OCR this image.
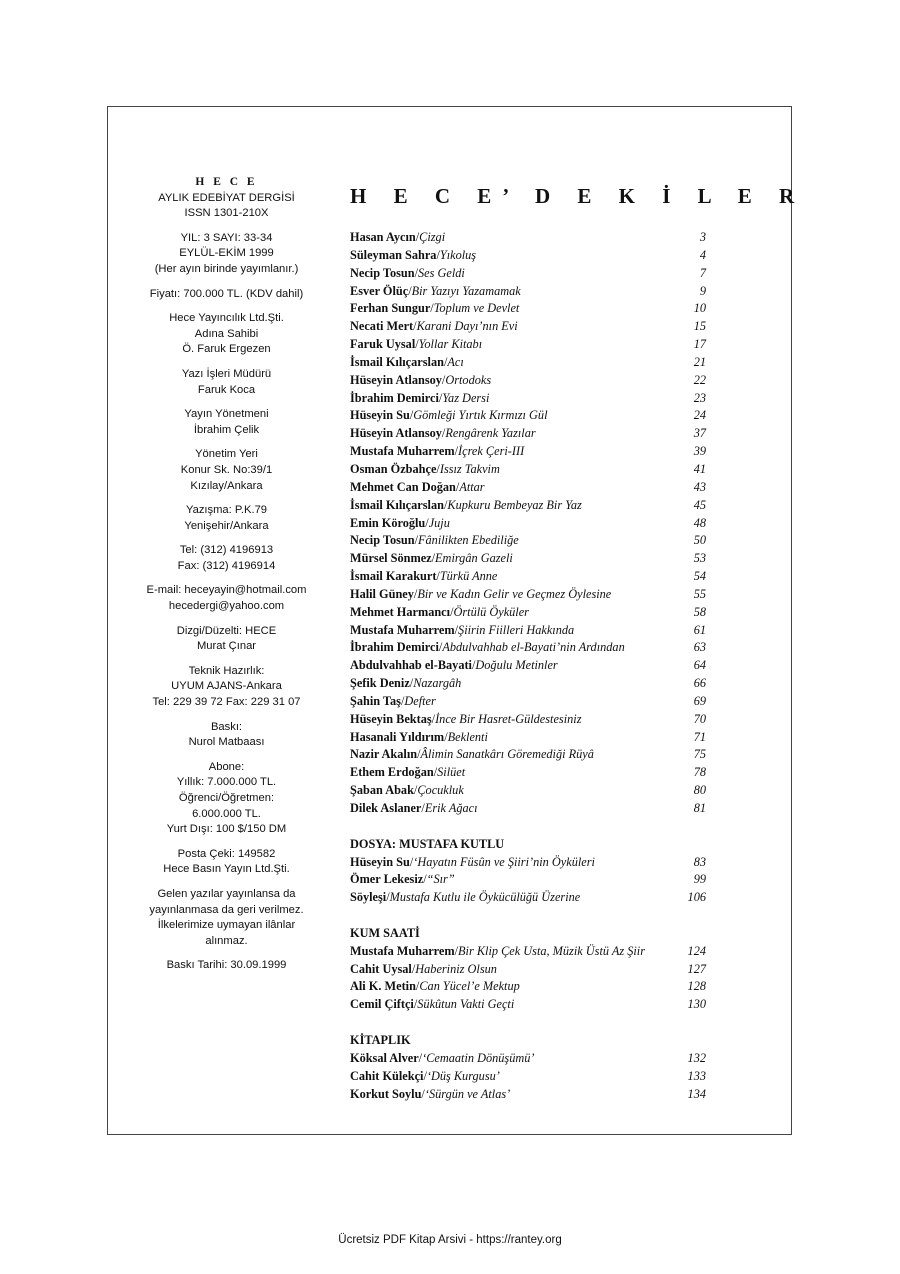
H E C E
AYLIK EDEBİYAT DERGİSİ
ISSN 1301-210X
YIL: 3 SAYI: 33-34
EYLÜL-EKİM 1999
(Her ayın birinde yayımlanır.)
Fiyatı: 700.000 TL. (KDV dahil)
Hece Yayıncılık Ltd.Şti.
Adına Sahibi
Ö. Faruk Ergezen
Yazı İşleri Müdürü
Faruk Koca
Yayın Yönetmeni
İbrahim Çelik
Yönetim Yeri
Konur Sk. No:39/1
Kızılay/Ankara
Yazışma: P.K.79
Yenişehir/Ankara
Tel: (312) 4196913
Fax: (312) 4196914
E-mail: heceyayin@hotmail.com
hecedergi@yahoo.com
Dizgi/Düzelti: HECE
Murat Çınar
Teknik Hazırlık:
UYUM AJANS-Ankara
Tel: 229 39 72 Fax: 229 31 07
Baskı:
Nurol Matbaası
Abone:
Yıllık: 7.000.000 TL.
Öğrenci/Öğretmen:
6.000.000 TL.
Yurt Dışı: 100 $/150 DM
Posta Çeki: 149582
Hece Basın Yayın Ltd.Şti.
Gelen yazılar yayınlansa da
yayınlanmasa da geri verilmez.
İlkelerimize uymayan ilânlar
alınmaz.
Baskı Tarihi: 30.09.1999
H E C E’ D E K İ L E R
Hasan Aycın/Çizgi	3
Süleyman Sahra/Yıkoluş	4
Necip Tosun/Ses Geldi	7
Esver Ölüç/Bir Yazıyı Yazamamak	9
Ferhan Sungur/Toplum ve Devlet	10
Necati Mert/Karani Dayı’nın Evi	15
Faruk Uysal/Yollar Kitabı	17
İsmail Kılıçarslan/Acı	21
Hüseyin Atlansoy/Ortodoks	22
İbrahim Demirci/Yaz Dersi	23
Hüseyin Su/Gömleği Yırtık Kırmızı Gül	24
Hüseyin Atlansoy/Rengârenk Yazılar	37
Mustafa Muharrem/İçrek Çeri-III	39
Osman Özbahçe/Issız Takvim	41
Mehmet Can Doğan/Attar	43
İsmail Kılıçarslan/Kupkuru Bembeyaz Bir Yaz	45
Emin Köroğlu/Juju	48
Necip Tosun/Fânilikten Ebediliğe	50
Mürsel Sönmez/Emirgân Gazeli	53
İsmail Karakurt/Türkü Anne	54
Halil Güney/Bir ve Kadın Gelir ve Geçmez Öylesine	55
Mehmet Harmancı/Örtülü Öyküler	58
Mustafa Muharrem/Şiirin Fiilleri Hakkında	61
İbrahim Demirci/Abdulvahhab el-Bayati’nin Ardından	63
Abdulvahhab el-Bayati/Doğulu Metinler	64
Şefik Deniz/Nazargâh	66
Şahin Taş/Defter	69
Hüseyin Bektaş/İnce Bir Hasret-Güldestesiniz	70
Hasanali Yıldırım/Beklenti	71
Nazir Akalın/Âlimin Sanatkârı Göremediği Rüyâ	75
Ethem Erdoğan/Silüet	78
Şaban Abak/Çocukluk	80
Dilek Aslaner/Erik Ağacı	81
DOSYA: MUSTAFA KUTLU
Hüseyin Su/‘Hayatın Füsûn ve Şiiri’nin Öyküleri	83
Ömer Lekesiz/“Sır”	99
Söyleşi/Mustafa Kutlu ile Öykücülüğü Üzerine	106
KUM SAATİ
Mustafa Muharrem/Bir Klip Çek Usta, Müzik Üstü Az Şiir	124
Cahit Uysal/Haberiniz Olsun	127
Ali K. Metin/Can Yücel’e Mektup	128
Cemil Çiftçi/Sükûtun Vakti Geçti	130
KİTAPLIK
Köksal Alver/‘Cemaatin Dönüşümü’	132
Cahit Külekçi/‘Düş Kurgusu’	133
Korkut Soylu/‘Sürgün ve Atlas’	134
Ücretsiz PDF Kitap Arsivi - https://rantey.org
